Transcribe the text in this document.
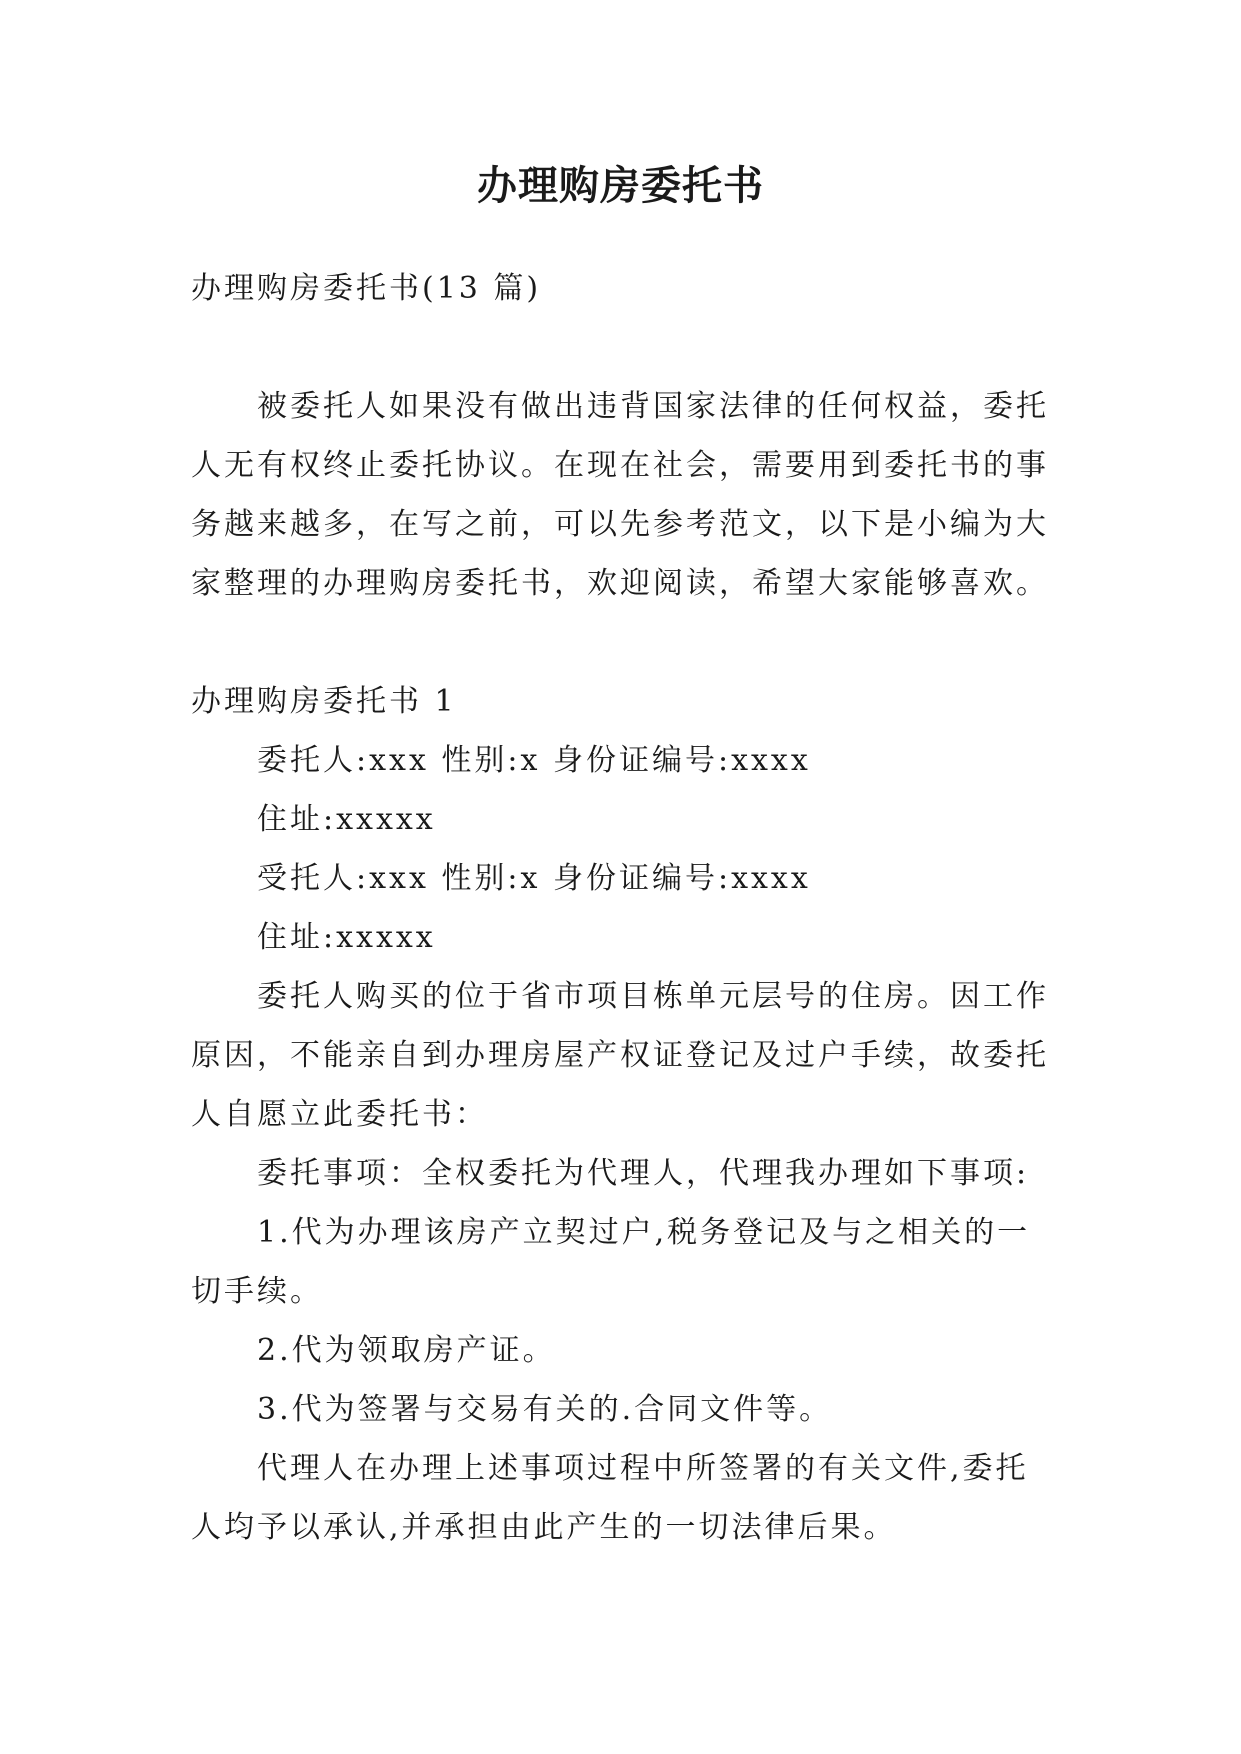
办理购房委托书

办理购房委托书(13 篇)

被委托人如果没有做出违背国家法律的任何权益，委托人无有权终止委托协议。在现在社会，需要用到委托书的事务越来越多，在写之前，可以先参考范文，以下是小编为大家整理的办理购房委托书，欢迎阅读，希望大家能够喜欢。

办理购房委托书 1

委托人:xxx 性别:x 身份证编号:xxxx

住址:xxxxx

受托人:xxx 性别:x 身份证编号:xxxx

住址:xxxxx

委托人购买的位于省市项目栋单元层号的住房。因工作原因，不能亲自到办理房屋产权证登记及过户手续，故委托人自愿立此委托书：

委托事项：全权委托为代理人，代理我办理如下事项:

1.代为办理该房产立契过户,税务登记及与之相关的一切手续。

2.代为领取房产证。

3.代为签署与交易有关的.合同文件等。

代理人在办理上述事项过程中所签署的有关文件,委托人均予以承认,并承担由此产生的一切法律后果。
